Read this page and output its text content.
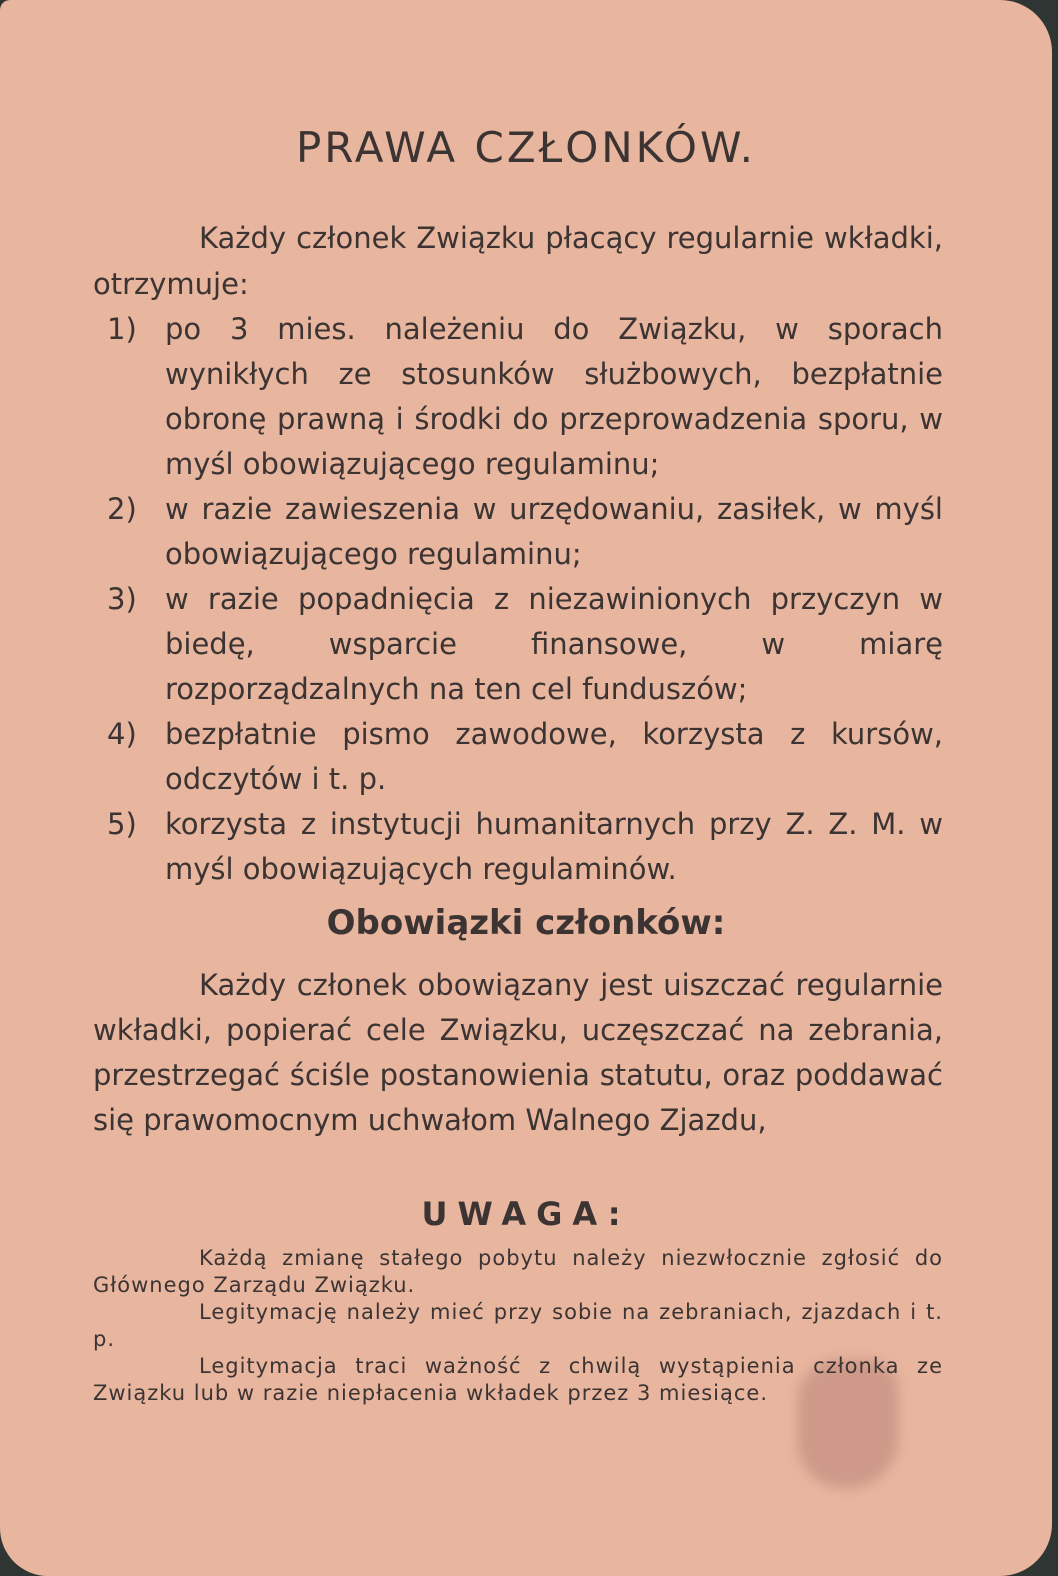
PRAWA CZŁONKÓW.

Każdy członek Związku płacący regularnie wkładki, otrzymuje:

1) po 3 mies. należeniu do Związku, w sporach wynikłych ze stosunków służbowych, bezpłatnie obronę prawną i środki do przeprowadzenia sporu, w myśl obowiązującego regulaminu;
2) w razie zawieszenia w urzędowaniu, zasiłek, w myśl obowiązującego regulaminu;
3) w razie popadnięcia z niezawinionych przyczyn w biedę, wsparcie finansowe, w miarę rozporządzalnych na ten cel funduszów;
4) bezpłatnie pismo zawodowe, korzysta z kursów, odczytów i t. p.
5) korzysta z instytucji humanitarnych przy Z. Z. M. w myśl obowiązujących regulaminów.
Obowiązki członków:

Każdy członek obowiązany jest uiszczać regularnie wkładki, popierać cele Związku, uczęszczać na zebrania, przestrzegać ściśle postanowienia statutu, oraz poddawać się prawomocnym uchwałom Walnego Zjazdu,

UWAGA:

Każdą zmianę stałego pobytu należy niezwłocznie zgłosić do Głównego Zarządu Związku.

Legitymację należy mieć przy sobie na zebraniach, zjazdach i t. p.

Legitymacja traci ważność z chwilą wystąpienia członka ze Związku lub w razie niepłacenia wkładek przez 3 miesiące.
